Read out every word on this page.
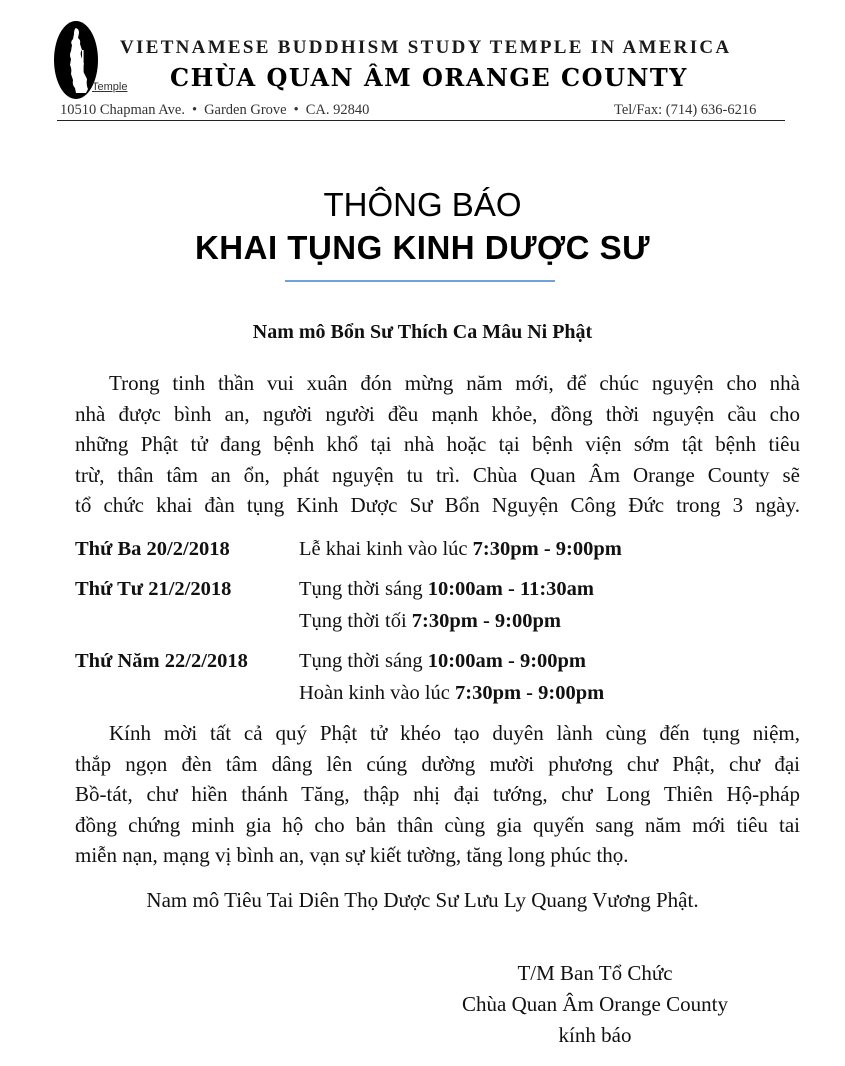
Temple
VIETNAMESE BUDDHISM STUDY TEMPLE IN AMERICA
CHÙA QUAN ÂM ORANGE COUNTY
10510 Chapman Ave. • Garden Grove • CA. 92840	Tel/Fax: (714) 636-6216
THÔNG BÁO
KHAI TỤNG KINH DƯỢC SƯ
Nam mô Bổn Sư Thích Ca Mâu Ni Phật
Trong tinh thần vui xuân đón mừng năm mới, để chúc nguyện cho nhà
nhà được bình an, người người đều mạnh khỏe, đồng thời nguyện cầu cho
những Phật tử đang bệnh khổ tại nhà hoặc tại bệnh viện sớm tật bệnh tiêu
trừ, thân tâm an ổn, phát nguyện tu trì. Chùa Quan Âm Orange County sẽ
tổ chức khai đàn tụng Kinh Dược Sư Bổn Nguyện Công Đức trong 3 ngày.
Thứ Ba 20/2/2018	Lễ khai kinh vào lúc 7:30pm - 9:00pm
Thứ Tư 21/2/2018	Tụng thời sáng 10:00am - 11:30am
Tụng thời tối 7:30pm - 9:00pm
Thứ Năm 22/2/2018 Tụng thời sáng 10:00am - 9:00pm
Hoàn kinh vào lúc 7:30pm - 9:00pm
Kính mời tất cả quý Phật tử khéo tạo duyên lành cùng đến tụng niệm,
thắp ngọn đèn tâm dâng lên cúng dường mười phương chư Phật, chư đại
Bồ-tát, chư hiền thánh Tăng, thập nhị đại tướng, chư Long Thiên Hộ-pháp
đồng chứng minh gia hộ cho bản thân cùng gia quyến sang năm mới tiêu tai
miễn nạn, mạng vị bình an, vạn sự kiết tường, tăng long phúc thọ.
Nam mô Tiêu Tai Diên Thọ Dược Sư Lưu Ly Quang Vương Phật.
T/M Ban Tổ Chức
Chùa Quan Âm Orange County
kính báo
